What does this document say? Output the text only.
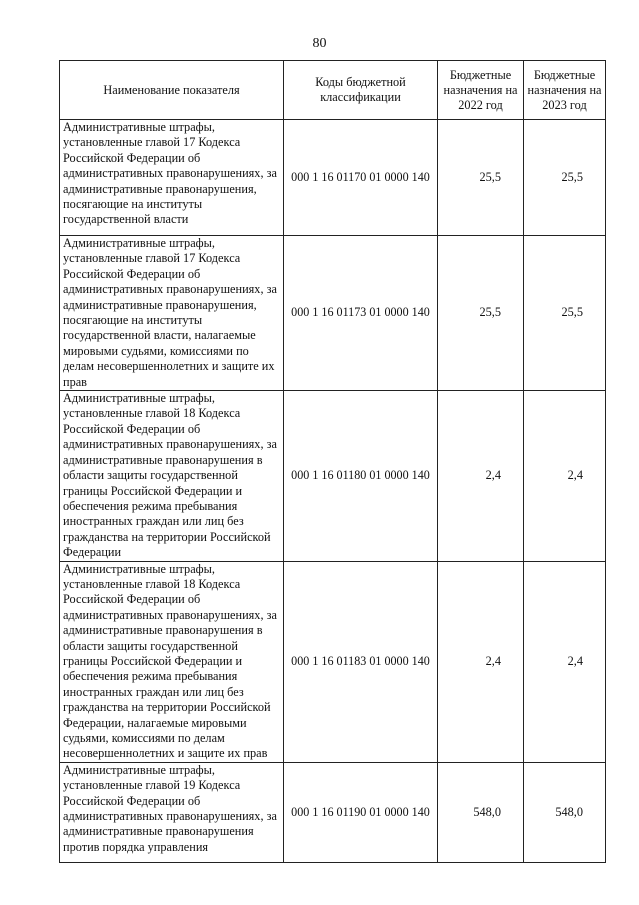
80
Наименование показателя	Коды бюджетной классификации	Бюджетные назначения на 2022 год	Бюджетные назначения на 2023 год
Административные штрафы, установленные главой 17 Кодекса Российской Федерации об административных правонарушениях, за административные правонарушения, посягающие на институты государственной власти	000 1 16 01170 01 0000 140	25,5	25,5
Административные штрафы, установленные главой 17 Кодекса Российской Федерации об административных правонарушениях, за административные правонарушения, посягающие на институты государственной власти, налагаемые мировыми судьями, комиссиями по делам несовершеннолетних и защите их прав	000 1 16 01173 01 0000 140	25,5	25,5
Административные штрафы, установленные главой 18 Кодекса Российской Федерации об административных правонарушениях, за административные правонарушения в области защиты государственной границы Российской Федерации и обеспечения режима пребывания иностранных граждан или лиц без гражданства на территории Российской Федерации	000 1 16 01180 01 0000 140	2,4	2,4
Административные штрафы, установленные главой 18 Кодекса Российской Федерации об административных правонарушениях, за административные правонарушения в области защиты государственной границы Российской Федерации и обеспечения режима пребывания иностранных граждан или лиц без гражданства на территории Российской Федерации, налагаемые мировыми судьями, комиссиями по делам несовершеннолетних и защите их прав	000 1 16 01183 01 0000 140	2,4	2,4
Административные штрафы, установленные главой 19 Кодекса Российской Федерации об административных правонарушениях, за административные правонарушения против порядка управления	000 1 16 01190 01 0000 140	548,0	548,0
